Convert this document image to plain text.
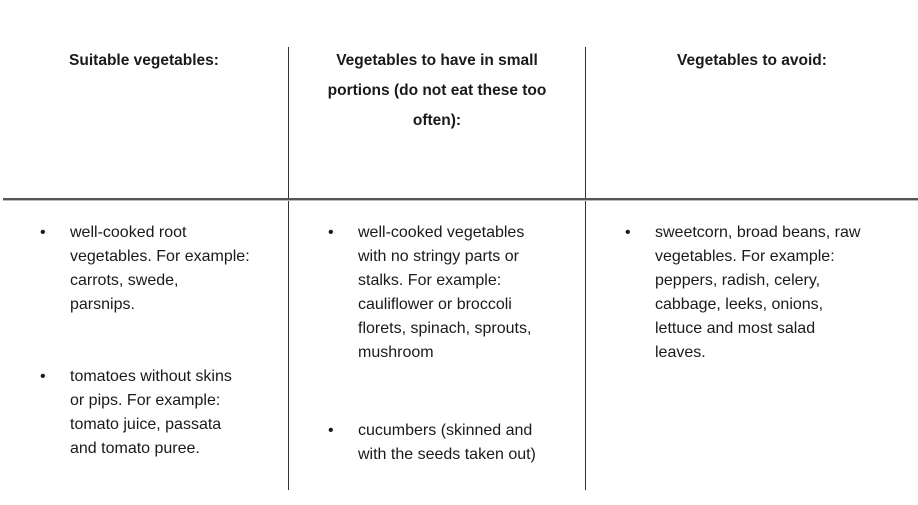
Suitable vegetables:	Vegetables to have in small
portions (do not eat these too
often):
Vegetables to avoid:
• well-cooked root
vegetables. For example:
carrots, swede,
parsnips.
• tomatoes without skins
or pips. For example:
tomato juice, passata
and tomato puree.
• well-cooked vegetables
with no stringy parts or
stalks. For example:
cauliflower or broccoli
florets, spinach, sprouts,
mushroom
• cucumbers (skinned and
with the seeds taken out)
• sweetcorn, broad beans, raw
vegetables. For example:
peppers, radish, celery,
cabbage, leeks, onions,
lettuce and most salad
leaves.
